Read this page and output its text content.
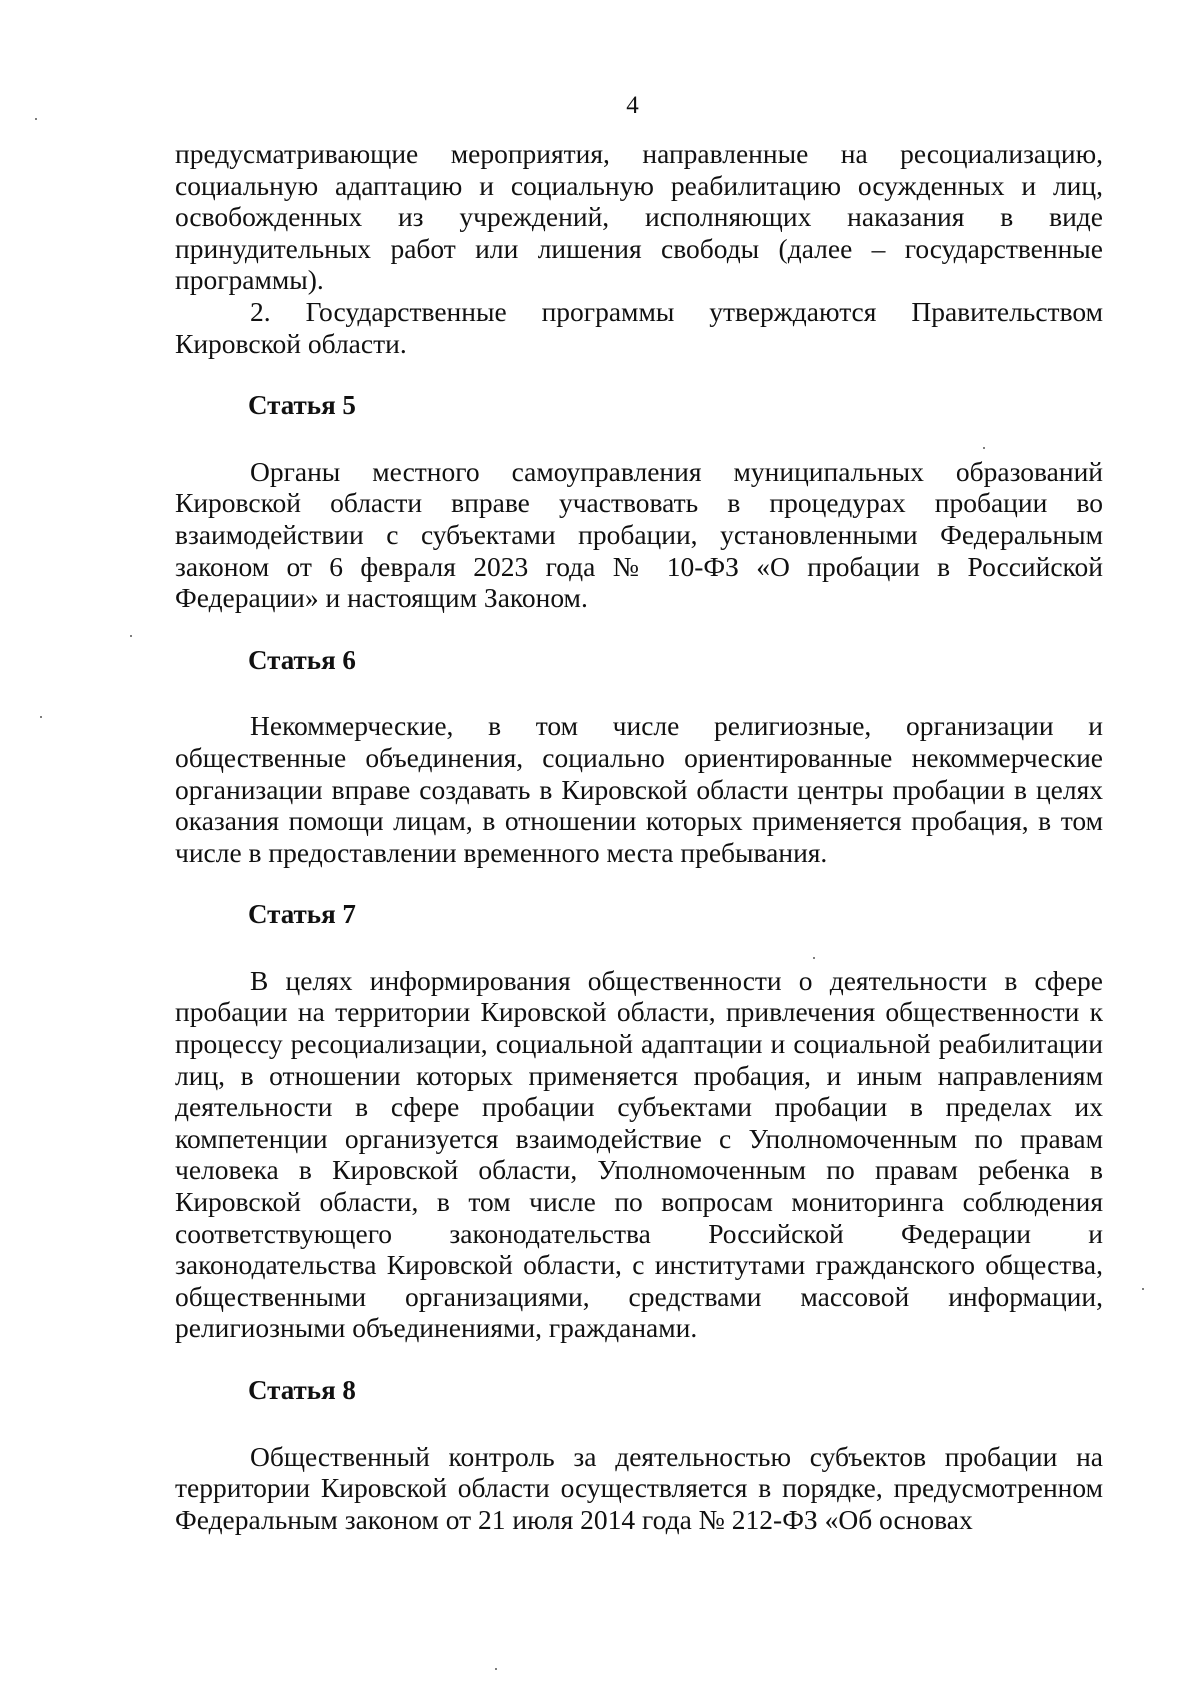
4

предусматривающие мероприятия, направленные на ресоциализацию, социальную адаптацию и социальную реабилитацию осужденных и лиц, освобожденных из учреждений, исполняющих наказания в виде принудительных работ или лишения свободы (далее – государственные программы).

2. Государственные программы утверждаются Правительством Кировской области.

Статья 5

Органы местного самоуправления муниципальных образований Кировской области вправе участвовать в процедурах пробации во взаимодействии с субъектами пробации, установленными Федеральным законом от 6 февраля 2023 года № 10-ФЗ «О пробации в Российской Федерации» и настоящим Законом.

Статья 6

Некоммерческие, в том числе религиозные, организации и общественные объединения, социально ориентированные некоммерческие организации вправе создавать в Кировской области центры пробации в целях оказания помощи лицам, в отношении которых применяется пробация, в том числе в предоставлении временного места пребывания.

Статья 7

В целях информирования общественности о деятельности в сфере пробации на территории Кировской области, привлечения общественности к процессу ресоциализации, социальной адаптации и социальной реабилитации лиц, в отношении которых применяется пробация, и иным направлениям деятельности в сфере пробации субъектами пробации в пределах их компетенции организуется взаимодействие с Уполномоченным по правам человека в Кировской области, Уполномоченным по правам ребенка в Кировской области, в том числе по вопросам мониторинга соблюдения соответствующего законодательства Российской Федерации и законодательства Кировской области, с институтами гражданского общества, общественными организациями, средствами массовой информации, религиозными объединениями, гражданами.

Статья 8

Общественный контроль за деятельностью субъектов пробации на территории Кировской области осуществляется в порядке, предусмотренном Федеральным законом от 21 июля 2014 года № 212-ФЗ «Об основах
